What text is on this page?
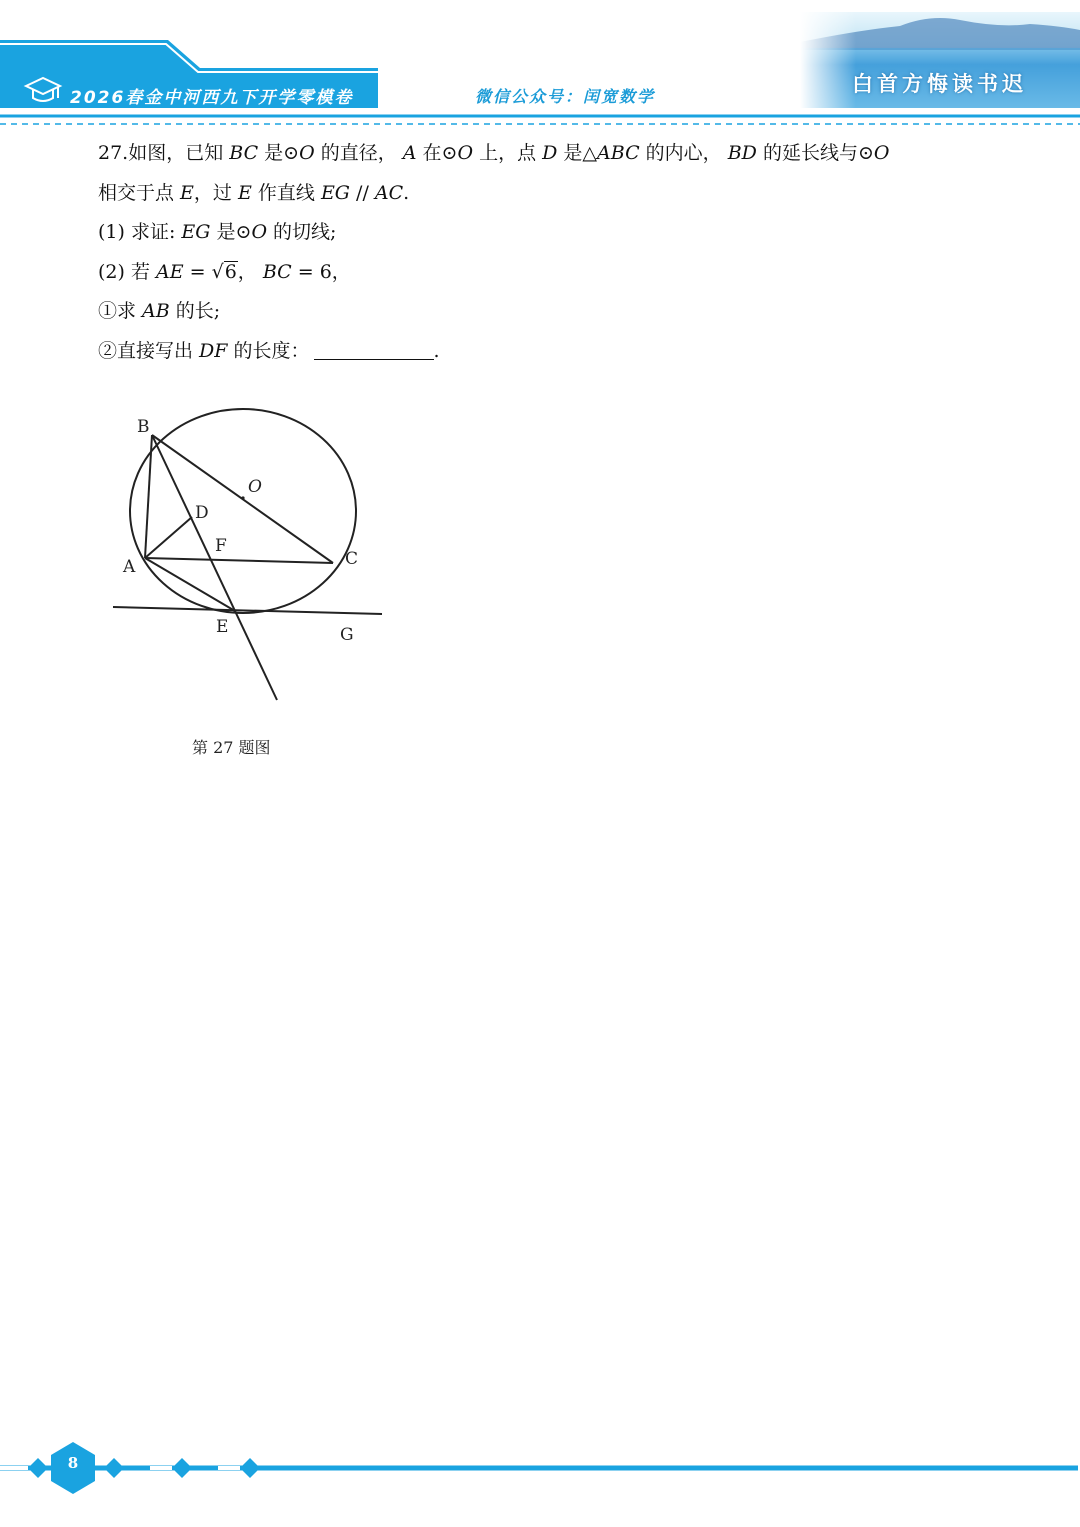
2026春金中河西九下开学零模卷	微信公众号：闰宽数学
白首方悔读书迟
27.如图，已知 BC 是⊙O 的直径， A 在⊙O 上，点 D 是△ABC 的内心， BD 的延长线与⊙O
相交于点 E，过 E 作直线 EG // AC.
(1) 求证: EG 是⊙O 的切线;
(2) 若 AE = √6， BC = 6，
①求 AB 的长;
②直接写出 DF 的长度：	.
B
O
D
F
A	C
E	G
第 27 题图
8
